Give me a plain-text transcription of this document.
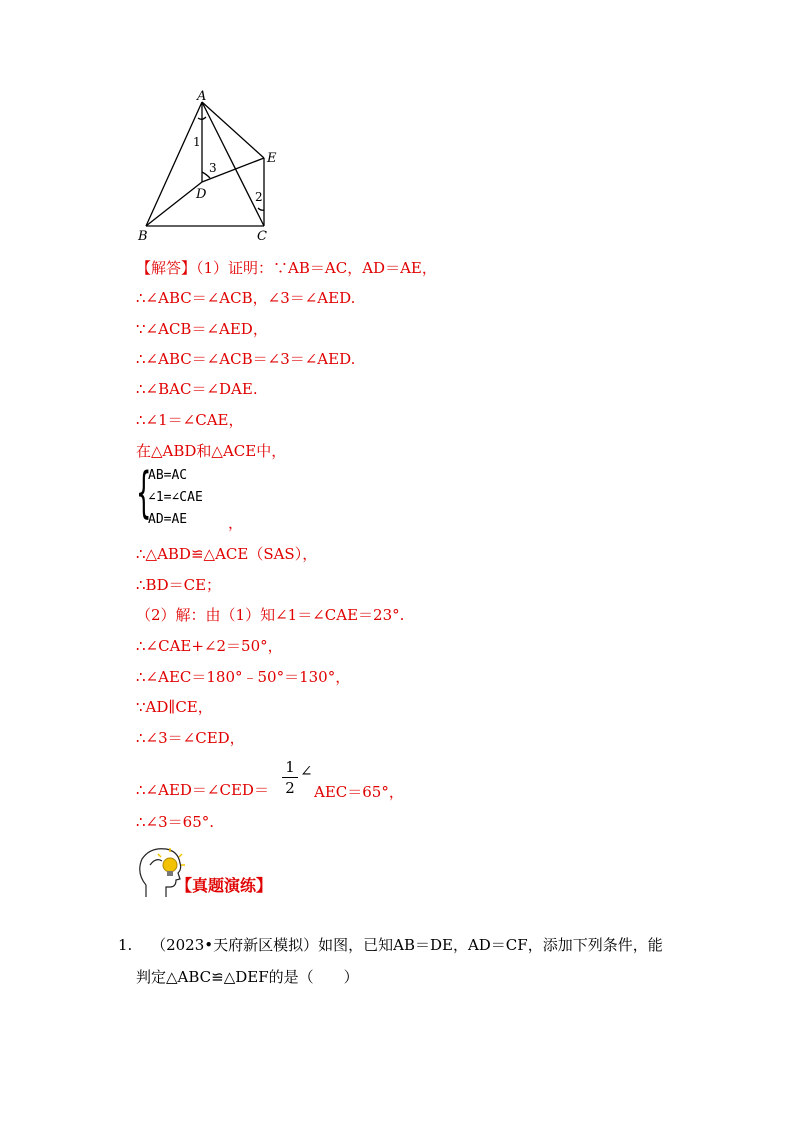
A
B	C
D
E
1
3
2
【解答】（1）证明：∵AB＝AC，AD＝AE，
∴∠ABC＝∠ACB，∠3＝∠AED.
∵∠ACB＝∠AED，
∴∠ABC＝∠ACB＝∠3＝∠AED.
∴∠BAC＝∠DAE.
∴∠1＝∠CAE，
在△ABD和△ACE中，
{
AB=AC
∠1=∠CAE
AD=AE	，
∴△ABD≌△ACE（SAS），
∴BD＝CE；
（2）解：由（1）知∠1＝∠CAE＝23°.
∴∠CAE+∠2＝50°，
∴∠AEC＝180°﹣50°＝130°，
∵AD∥CE，
∴∠3＝∠CED，
∴∠AED＝∠CED＝
1
2
∠
AEC＝65°，
∴∠3＝65°.
【真题演练】
1. （2023•天府新区模拟）如图，已知AB＝DE，AD＝CF，添加下列条件，能
判定△ABC≌△DEF的是（　　）
